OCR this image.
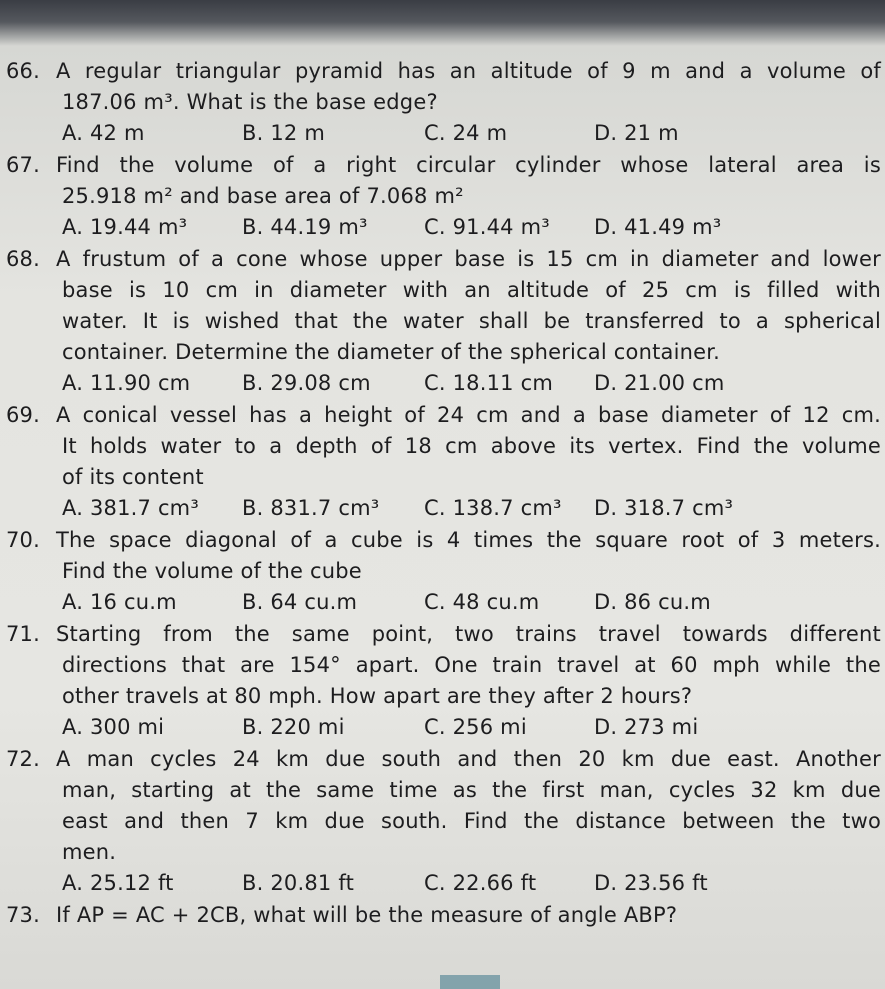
66. A regular triangular pyramid has an altitude of 9 m and a volume of
187.06 m³. What is the base edge?
A. 42 m	B. 12 m	C. 24 m	D. 21 m
67. Find the volume of a right circular cylinder whose lateral area is
25.918 m² and base area of 7.068 m²
A. 19.44 m³	B. 44.19 m³	C. 91.44 m³ D. 41.49 m³
68. A frustum of a cone whose upper base is 15 cm in diameter and lower
base is 10 cm in diameter with an altitude of 25 cm is filled with
water. It is wished that the water shall be transferred to a spherical
container. Determine the diameter of the spherical container.
A. 11.90 cm B. 29.08 cm	C. 18.11 cm D. 21.00 cm
69. A conical vessel has a height of 24 cm and a base diameter of 12 cm.
It holds water to a depth of 18 cm above its vertex. Find the volume
of its content
A. 381.7 cm³ B. 831.7 cm³ C. 138.7 cm³ D. 318.7 cm³
70. The space diagonal of a cube is 4 times the square root of 3 meters.
Find the volume of the cube
A. 16 cu.m	B. 64 cu.m	C. 48 cu.m	D. 86 cu.m
71. Starting from the same point, two trains travel towards different
directions that are 154° apart. One train travel at 60 mph while the
other travels at 80 mph. How apart are they after 2 hours?
A. 300 mi	B. 220 mi	C. 256 mi	D. 273 mi
72. A man cycles 24 km due south and then 20 km due east. Another
man, starting at the same time as the first man, cycles 32 km due
east and then 7 km due south. Find the distance between the two
men.
A. 25.12 ft	B. 20.81 ft	C. 22.66 ft	D. 23.56 ft
73. If AP = AC + 2CB, what will be the measure of angle ABP?
